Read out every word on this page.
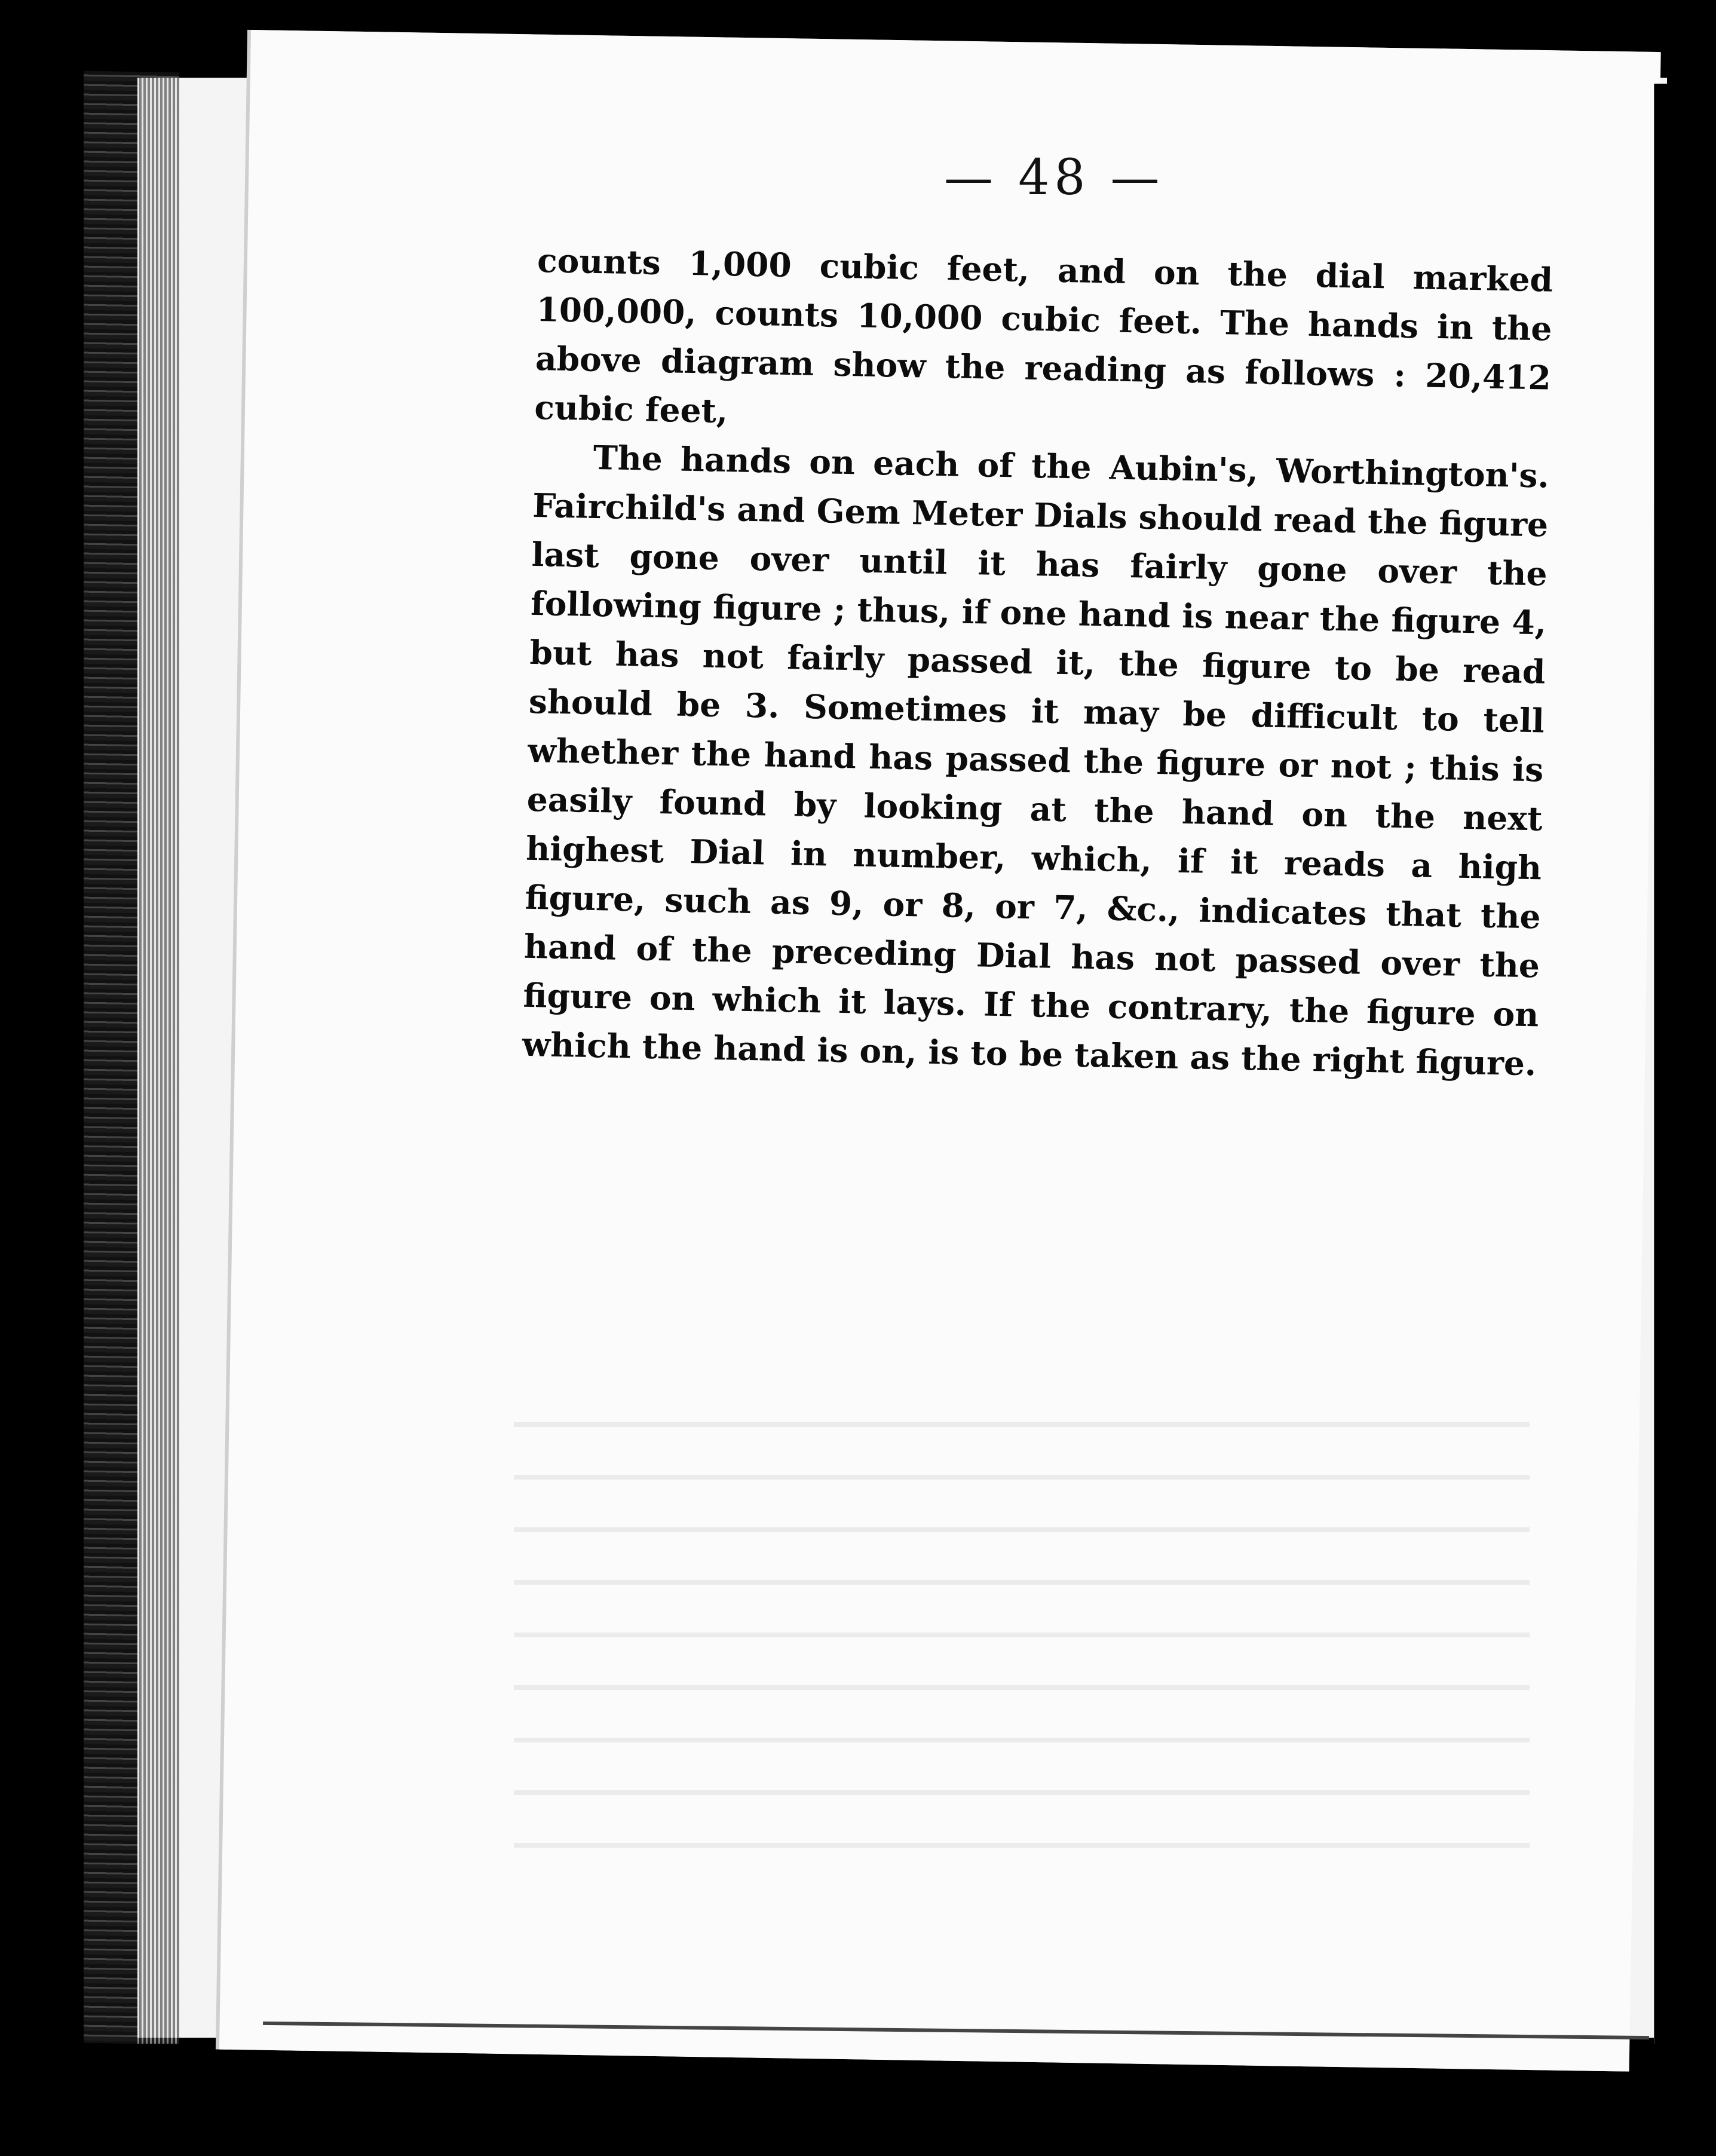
— 48 —

counts 1,000 cubic feet, and on the dial marked 100,000, counts 10,000 cubic feet. The hands in the above diagram show the reading as follows : 20,412 cubic feet,

The hands on each of the Aubin's, Worthington's. Fairchild's and Gem Meter Dials should read the figure last gone over until it has fairly gone over the following figure ; thus, if one hand is near the figure 4, but has not fairly passed it, the figure to be read should be 3. Sometimes it may be difficult to tell whether the hand has passed the figure or not ; this is easily found by looking at the hand on the next highest Dial in number, which, if it reads a high figure, such as 9, or 8, or 7, &c., indicates that the hand of the preceding Dial has not passed over the figure on which it lays. If the contrary, the figure on which the hand is on, is to be taken as the right figure.
